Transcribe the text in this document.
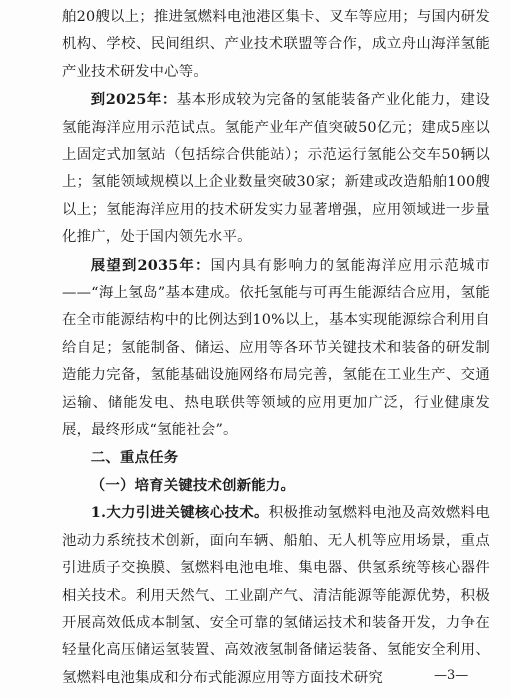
舶20艘以上；推进氢燃料电池港区集卡、叉车等应用；与国内研发机构、学校、民间组织、产业技术联盟等合作，成立舟山海洋氢能产业技术研发中心等。

到2025年：基本形成较为完备的氢能装备产业化能力，建设氢能海洋应用示范试点。氢能产业年产值突破50亿元；建成5座以上固定式加氢站（包括综合供能站）；示范运行氢能公交车50辆以上；氢能领域规模以上企业数量突破30家；新建或改造船舶100艘以上；氢能海洋应用的技术研发实力显著增强，应用领域进一步量化推广，处于国内领先水平。

展望到2035年：国内具有影响力的氢能海洋应用示范城市——“海上氢岛”基本建成。依托氢能与可再生能源结合应用，氢能在全市能源结构中的比例达到10%以上，基本实现能源综合利用自给自足；氢能制备、储运、应用等各环节关键技术和装备的研发制造能力完备，氢能基础设施网络布局完善，氢能在工业生产、交通运输、储能发电、热电联供等领域的应用更加广泛，行业健康发展，最终形成“氢能社会”。

二、重点任务

（一）培育关键技术创新能力。

1.大力引进关键核心技术。积极推动氢燃料电池及高效燃料电池动力系统技术创新，面向车辆、船舶、无人机等应用场景，重点引进质子交换膜、氢燃料电池电堆、集电器、供氢系统等核心器件相关技术。利用天然气、工业副产气、清洁能源等能源优势，积极开展高效低成本制氢、安全可靠的氢储运技术和装备开发，力争在轻量化高压储运氢装置、高效液氢制备储运装备、氢能安全利用、氢燃料电池集成和分布式能源应用等方面技术研究	—3—
